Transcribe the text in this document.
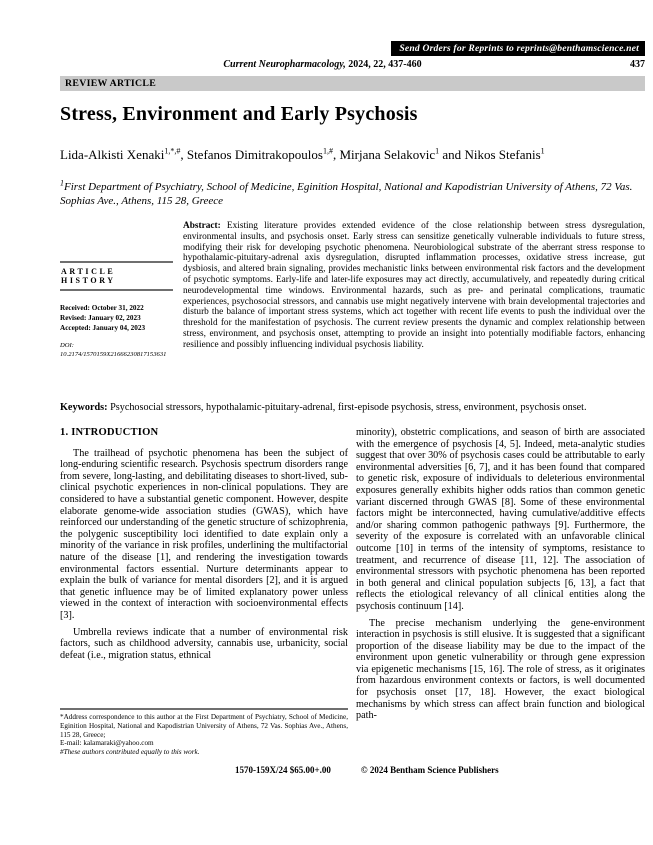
Send Orders for Reprints to reprints@benthamscience.net
Current Neuropharmacology, 2024, 22, 437-460	437
REVIEW ARTICLE
Stress, Environment and Early Psychosis
Lida-Alkisti Xenaki$^{1,*,\#}$, Stefanos Dimitrakopoulos$^{1,\#}$, Mirjana Selakovic$^1$ and Nikos Stefanis$^1$
$^1$First Department of Psychiatry, School of Medicine, Eginition Hospital, National and Kapodistrian University of Athens, 72 Vas. Sophias Ave., Athens, 115 28, Greece
ARTICLE HISTORY
Received: October 31, 2022
Revised: January 02, 2023
Accepted: January 04, 2023
DOI:
10.2174/1570159X21666230817153631
Abstract: Existing literature provides extended evidence of the close relationship between stress dysregulation, environmental insults, and psychosis onset. Early stress can sensitize genetically vulnerable individuals to future stress, modifying their risk for developing psychotic phenomena. Neurobiological substrate of the aberrant stress response to hypothalamic-pituitary-adrenal axis dysregulation, disrupted inflammation processes, oxidative stress increase, gut dysbiosis, and altered brain signaling, provides mechanistic links between environmental risk factors and the development of psychotic symptoms. Early-life and later-life exposures may act directly, accumulatively, and repeatedly during critical neurodevelopmental time windows. Environmental hazards, such as pre- and perinatal complications, traumatic experiences, psychosocial stressors, and cannabis use might negatively intervene with brain developmental trajectories and disturb the balance of important stress systems, which act together with recent life events to push the individual over the threshold for the manifestation of psychosis. The current review presents the dynamic and complex relationship between stress, environment, and psychosis onset, attempting to provide an insight into potentially modifiable factors, enhancing resilience and possibly influencing individual psychosis liability.
Keywords: Psychosocial stressors, hypothalamic-pituitary-adrenal, first-episode psychosis, stress, environment, psychosis onset.
1. INTRODUCTION

The trailhead of psychotic phenomena has been the subject of long-enduring scientific research. Psychosis spectrum disorders range from severe, long-lasting, and debilitating diseases to short-lived, sub-clinical psychotic experiences in non-clinical populations. They are considered to have a substantial genetic component. However, despite elaborate genome-wide association studies (GWAS), which have reinforced our understanding of the genetic structure of schizophrenia, the polygenic susceptibility loci identified to date explain only a minority of the variance in risk profiles, underlining the multifactorial nature of the disease [1], and rendering the investigation towards environmental factors essential. Nurture determinants appear to explain the bulk of variance for mental disorders [2], and it is argued that genetic influence may be of limited explanatory power unless viewed in the context of interaction with socioenvironmental effects [3].

Umbrella reviews indicate that a number of environmental risk factors, such as childhood adversity, cannabis use, urbanicity, social defeat (i.e., migration status, ethnical

*Address correspondence to this author at the First Department of Psychiatry, School of Medicine, Eginition Hospital, National and Kapodistrian University of Athens, 72 Vas. Sophias Ave., Athens, 115 28, Greece;
E-mail: kalamaraki@yahoo.com
#These authors contributed equally to this work.

minority), obstetric complications, and season of birth are associated with the emergence of psychosis [4, 5]. Indeed, meta-analytic studies suggest that over 30% of psychosis cases could be attributable to early environmental adversities [6, 7], and it has been found that compared to genetic risk, exposure of individuals to deleterious environmental exposures generally exhibits higher odds ratios than common genetic variant discerned through GWAS [8]. Some of these environmental factors might be interconnected, having cumulative/additive effects and/or sharing common pathogenic pathways [9]. Furthermore, the severity of the exposure is correlated with an unfavorable clinical outcome [10] in terms of the intensity of symptoms, resistance to treatment, and recurrence of disease [11, 12]. The association of environmental stressors with psychotic phenomena has been reported in both general and clinical population subjects [6, 13], a fact that reflects the etiological relevancy of all clinical entities along the psychosis continuum [14].

The precise mechanism underlying the gene-environment interaction in psychosis is still elusive. It is suggested that a significant proportion of the disease liability may be due to the impact of the environment upon genetic vulnerability or through gene expression via epigenetic mechanisms [15, 16]. The role of stress, as it originates from hazardous environment contexts or factors, is well documented for psychosis onset [17, 18]. However, the exact biological mechanisms by which stress can affect brain function and biological path-

1570-159X/24 $65.00+.00	© 2024 Bentham Science Publishers
